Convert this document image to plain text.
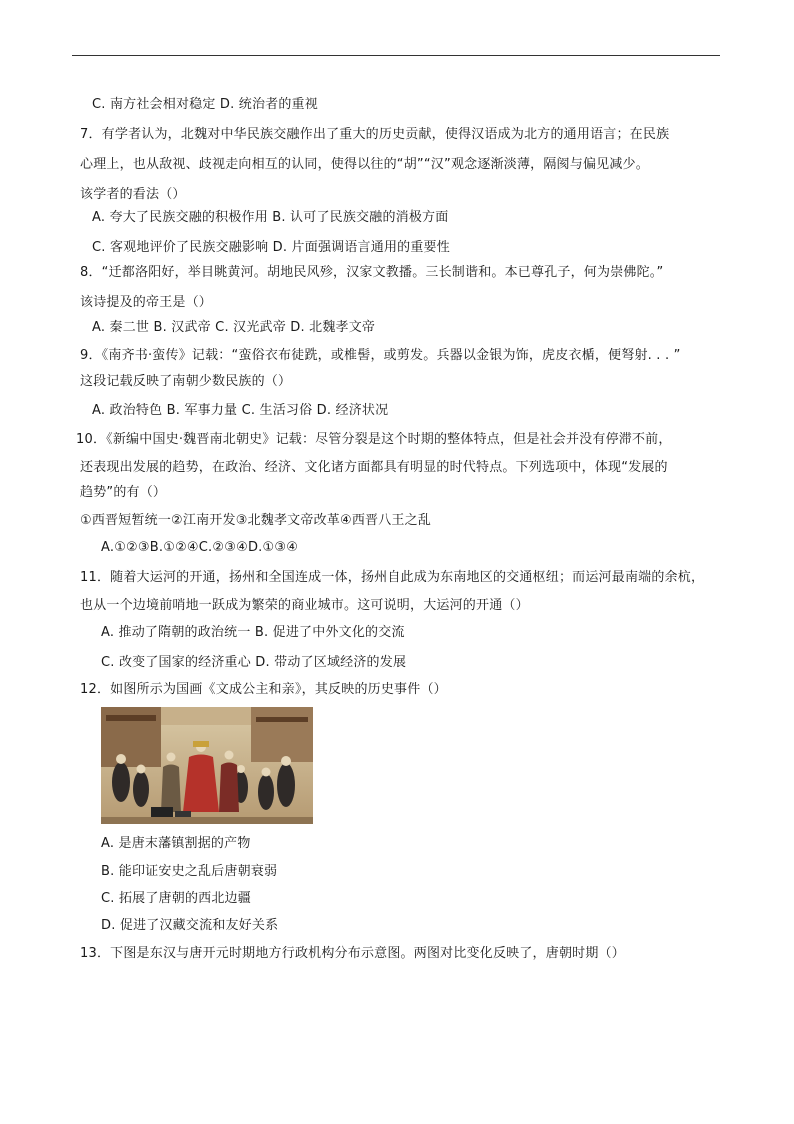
C. 南方社会相对稳定 D. 统治者的重视
7．有学者认为，北魏对中华民族交融作出了重大的历史贡献，使得汉语成为北方的通用语言；在民族
心理上，也从敌视、歧视走向相互的认同，使得以往的“胡”“汉”观念逐渐淡薄，隔阂与偏见减少。
该学者的看法（）
A. 夸大了民族交融的积极作用 B. 认可了民族交融的消极方面
C. 客观地评价了民族交融影响 D. 片面强调语言通用的重要性
8．“迁都洛阳好，举目眺黄河。胡地民风殄，汉家文教播。三长制谐和。本已尊孔子，何为崇佛陀。”
该诗提及的帝王是（）
A. 秦二世 B. 汉武帝 C. 汉光武帝 D. 北魏孝文帝
9．《南齐书·蛮传》记载：“蛮俗衣布徒跣，或椎髻，或剪发。兵器以金银为饰，虎皮衣楯，便弩射. . . ”
这段记载反映了南朝少数民族的（）
A. 政治特色 B. 军事力量 C. 生活习俗 D. 经济状况
10．《新编中国史·魏晋南北朝史》记载：尽管分裂是这个时期的整体特点，但是社会并没有停滞不前，
还表现出发展的趋势，在政治、经济、文化诸方面都具有明显的时代特点。下列选项中，体现“发展的
趋势”的有（）
①西晋短暂统一②江南开发③北魏孝文帝改革④西晋八王之乱
A.①②③B.①②④C.②③④D.①③④
11．随着大运河的开通，扬州和全国连成一体，扬州自此成为东南地区的交通枢纽；而运河最南端的余杭，
也从一个边境前哨地一跃成为繁荣的商业城市。这可说明，大运河的开通（）
A. 推动了隋朝的政治统一 B. 促进了中外文化的交流
C. 改变了国家的经济重心 D. 带动了区域经济的发展
12．如图所示为国画《文成公主和亲》，其反映的历史事件（）
A. 是唐末藩镇割据的产物
B. 能印证安史之乱后唐朝衰弱
C. 拓展了唐朝的西北边疆
D. 促进了汉藏交流和友好关系
13．下图是东汉与唐开元时期地方行政机构分布示意图。两图对比变化反映了，唐朝时期（）
